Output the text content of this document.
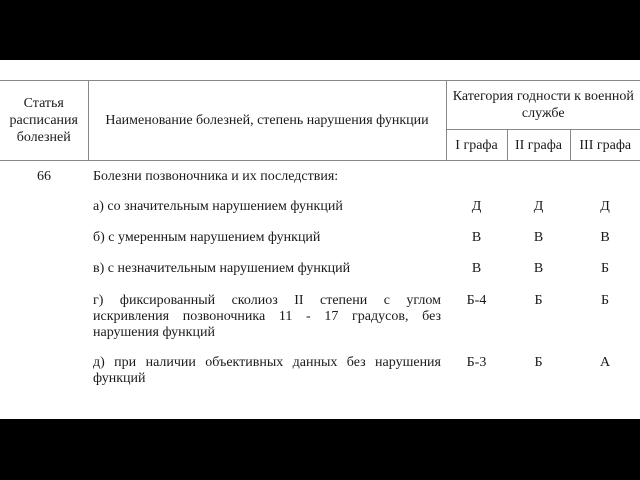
Статья расписания болезней	Наименование болезней, степень нарушения функции	Категория годности к военной службе		
		I графа	II графа	III графа
66	Болезни позвоночника и их последствия:			
	а) со значительным нарушением функций	Д	Д	Д
	б) с умеренным нарушением функций	В	В	В
	в) с незначительным нарушением функций	В	В	Б
	г) фиксированный сколиоз II степени с углом искривления позвоночника 11 - 17 градусов, без нарушения функций	Б-4	Б	Б
	д) при наличии объективных данных без нарушения функций	Б-3	Б	А
